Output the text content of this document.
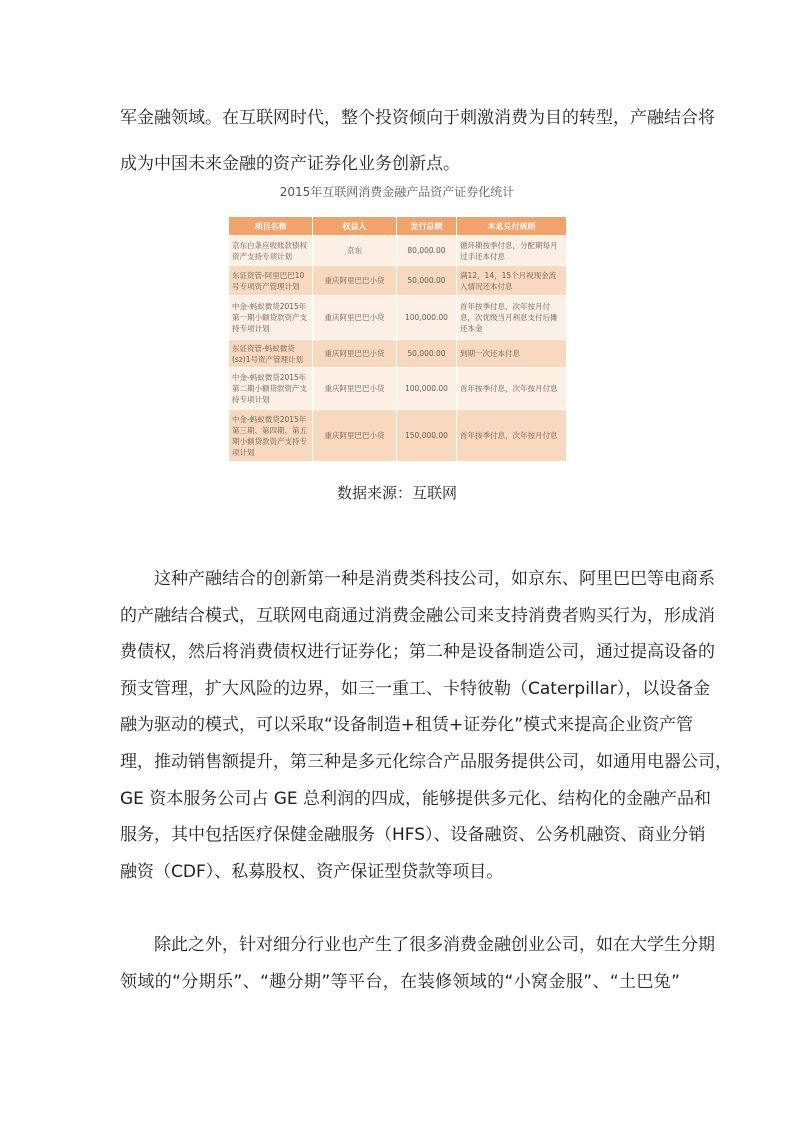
军金融领域。在互联网时代，整个投资倾向于刺激消费为目的转型，产融结合将
成为中国未来金融的资产证券化业务创新点。
2015年互联网消费金融产品资产证券化统计
项目名称	权益人	发行总额	本息兑付规则
京东白条应收账款债权资产支持专项计划	京东	80,000.00	循环期按季付息，分配期每月过手还本付息
东证资管-阿里巴巴10号专项资产管理计划	重庆阿里巴巴小贷	50,000.00	满12，14，15个月视现金流入情况还本付息
中金-蚂蚁微贷2015年第一期小额贷款资产支持专项计划	重庆阿里巴巴小贷	100,000.00	首年按季付息，次年按月付息，次优级当月利息支付后摊还本金
东证资管-蚂蚁微贷(sz)1号资产管理计划	重庆阿里巴巴小贷	50,000.00	到期一次还本付息
中金-蚂蚁微贷2015年第二期小额贷款资产支持专项计划	重庆阿里巴巴小贷	100,000.00	首年按季付息，次年按月付息
中金-蚂蚁微贷2015年第三期、第四期、第五期小额贷款资产支持专项计划	重庆阿里巴巴小贷	150,000.00	首年按季付息，次年按月付息
数据来源：互联网
这种产融结合的创新第一种是消费类科技公司，如京东、阿里巴巴等电商系
的产融结合模式，互联网电商通过消费金融公司来支持消费者购买行为，形成消
费债权，然后将消费债权进行证券化；第二种是设备制造公司，通过提高设备的
预支管理，扩大风险的边界，如三一重工、卡特彼勒（Caterpillar），以设备金
融为驱动的模式，可以采取“设备制造+租赁+证券化”模式来提高企业资产管
理，推动销售额提升，第三种是多元化综合产品服务提供公司，如通用电器公司，
GE 资本服务公司占 GE 总利润的四成，能够提供多元化、结构化的金融产品和
服务，其中包括医疗保健金融服务（HFS）、设备融资、公务机融资、商业分销
融资（CDF）、私募股权、资产保证型贷款等项目。
除此之外，针对细分行业也产生了很多消费金融创业公司，如在大学生分期
领域的“分期乐”、“趣分期”等平台，在装修领域的“小窝金服”、“土巴兔”
